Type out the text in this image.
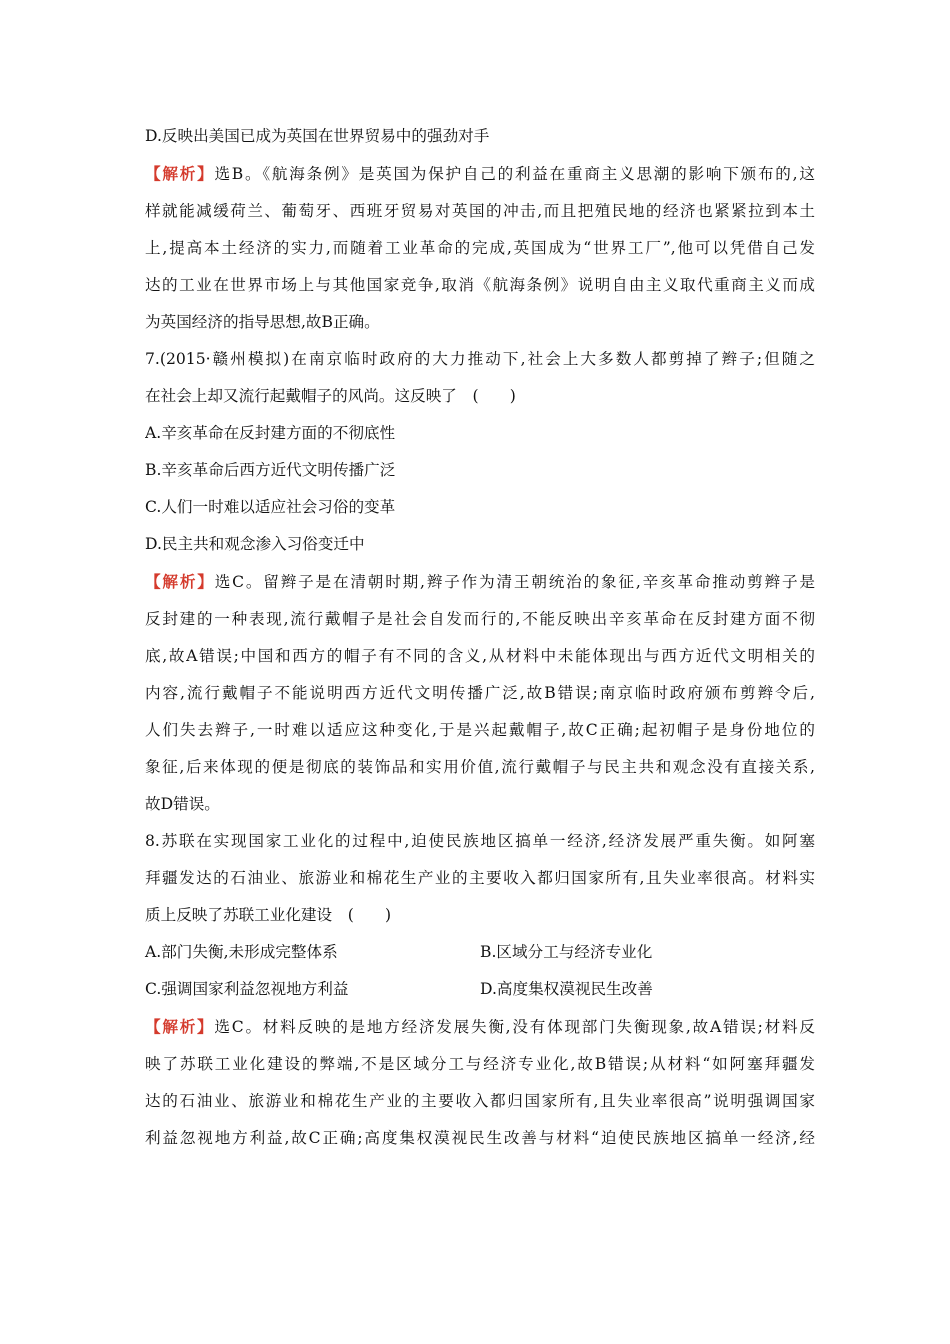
D.反映出美国已成为英国在世界贸易中的强劲对手

【解析】选B。《航海条例》是英国为保护自己的利益在重商主义思潮的影响下颁布的,这

样就能减缓荷兰、葡萄牙、西班牙贸易对英国的冲击,而且把殖民地的经济也紧紧拉到本土

上,提高本土经济的实力,而随着工业革命的完成,英国成为“世界工厂”,他可以凭借自己发

达的工业在世界市场上与其他国家竞争,取消《航海条例》说明自由主义取代重商主义而成

为英国经济的指导思想,故B正确。

7.(2015·赣州模拟)在南京临时政府的大力推动下,社会上大多数人都剪掉了辫子;但随之

在社会上却又流行起戴帽子的风尚。这反映了　(　　)

A.辛亥革命在反封建方面的不彻底性

B.辛亥革命后西方近代文明传播广泛

C.人们一时难以适应社会习俗的变革

D.民主共和观念渗入习俗变迁中

【解析】选C。留辫子是在清朝时期,辫子作为清王朝统治的象征,辛亥革命推动剪辫子是

反封建的一种表现,流行戴帽子是社会自发而行的,不能反映出辛亥革命在反封建方面不彻

底,故A错误;中国和西方的帽子有不同的含义,从材料中未能体现出与西方近代文明相关的

内容,流行戴帽子不能说明西方近代文明传播广泛,故B错误;南京临时政府颁布剪辫令后,

人们失去辫子,一时难以适应这种变化,于是兴起戴帽子,故C正确;起初帽子是身份地位的

象征,后来体现的便是彻底的装饰品和实用价值,流行戴帽子与民主共和观念没有直接关系,

故D错误。

8.苏联在实现国家工业化的过程中,迫使民族地区搞单一经济,经济发展严重失衡。如阿塞

拜疆发达的石油业、旅游业和棉花生产业的主要收入都归国家所有,且失业率很高。材料实

质上反映了苏联工业化建设　(　　)

A.部门失衡,未形成完整体系	B.区域分工与经济专业化
C.强调国家利益忽视地方利益	D.高度集权漠视民生改善

【解析】选C。材料反映的是地方经济发展失衡,没有体现部门失衡现象,故A错误;材料反

映了苏联工业化建设的弊端,不是区域分工与经济专业化,故B错误;从材料“如阿塞拜疆发

达的石油业、旅游业和棉花生产业的主要收入都归国家所有,且失业率很高”说明强调国家

利益忽视地方利益,故C正确;高度集权漠视民生改善与材料“迫使民族地区搞单一经济,经
